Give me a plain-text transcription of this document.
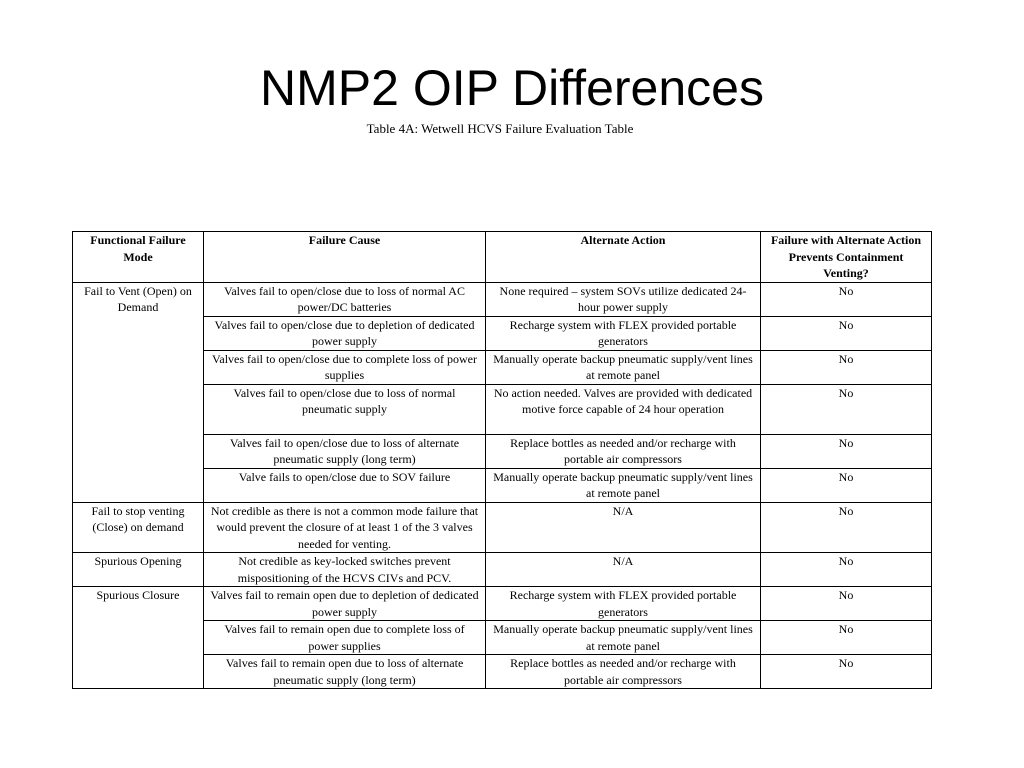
NMP2 OIP Differences

Table 4A: Wetwell HCVS Failure Evaluation Table

Functional Failure Mode	Failure Cause	Alternate Action	Failure with Alternate Action Prevents Containment Venting?
Fail to Vent (Open) on Demand	Valves fail to open/close due to loss of normal AC power/DC batteries	None required – system SOVs utilize dedicated 24-hour power supply	No
	Valves fail to open/close due to depletion of dedicated power supply	Recharge system with FLEX provided portable generators	No
	Valves fail to open/close due to complete loss of power supplies	Manually operate backup pneumatic supply/vent lines at remote panel	No
	Valves fail to open/close due to loss of normal pneumatic supply	No action needed. Valves are provided with dedicated motive force capable of 24 hour operation	No
	Valves fail to open/close due to loss of alternate pneumatic supply (long term)	Replace bottles as needed and/or recharge with portable air compressors	No
	Valve fails to open/close due to SOV failure	Manually operate backup pneumatic supply/vent lines at remote panel	No
Fail to stop venting (Close) on demand	Not credible as there is not a common mode failure that would prevent the closure of at least 1 of the 3 valves needed for venting.	N/A	No
Spurious Opening	Not credible as key-locked switches prevent mispositioning of the HCVS CIVs and PCV.	N/A	No
Spurious Closure	Valves fail to remain open due to depletion of dedicated power supply	Recharge system with FLEX provided portable generators	No
	Valves fail to remain open due to complete loss of power supplies	Manually operate backup pneumatic supply/vent lines at remote panel	No
	Valves fail to remain open due to loss of alternate pneumatic supply (long term)	Replace bottles as needed and/or recharge with portable air compressors	No
